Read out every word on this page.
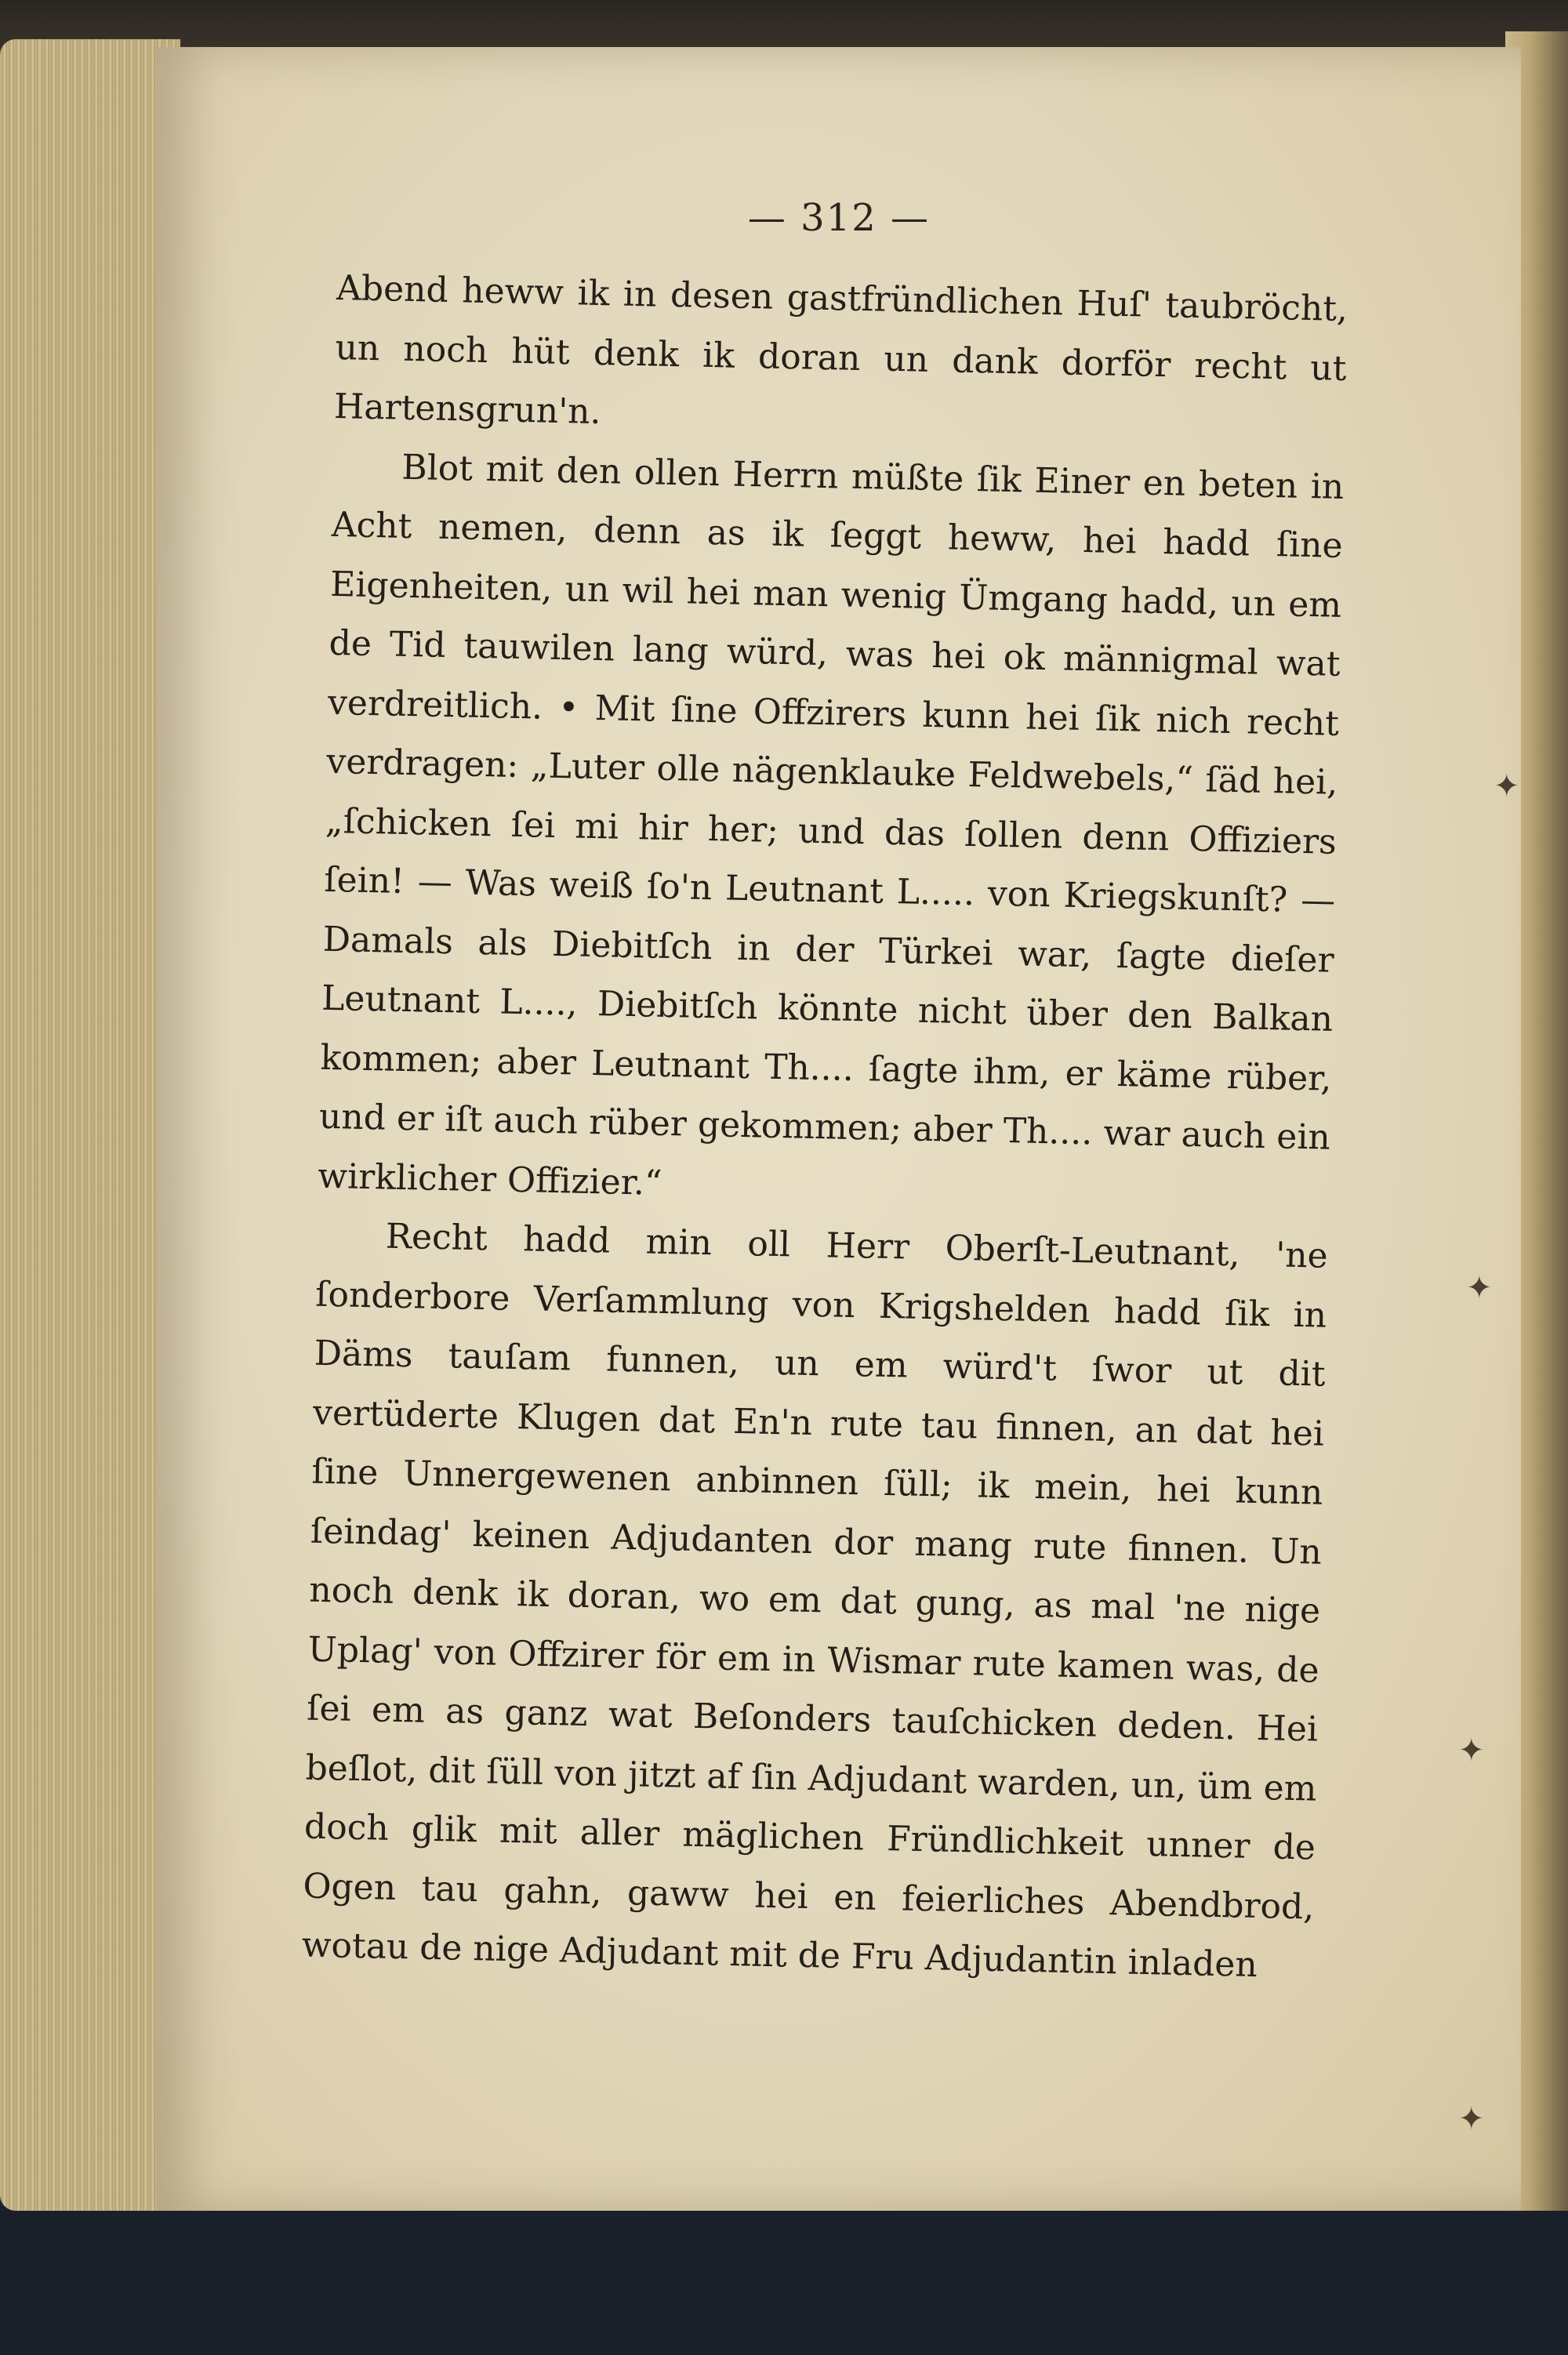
— 312 —

Abend heww ik in desen gastfründlichen Huſ' taubröcht, un noch hüt denk ik doran un dank dorför recht ut Hartensgrun'n.

Blot mit den ollen Herrn müßte ſik Einer en beten in Acht nemen, denn as ik ſeggt heww, hei hadd ſine Eigenheiten, un wil hei man wenig Ümgang hadd, un em de Tid tauwilen lang würd, was hei ok männigmal wat verdreitlich. • Mit ſine Offzirers kunn hei ſik nich recht verdragen: „Luter olle nägenklauke Feldwebels,“ ſäd hei, „ſchicken ſei mi hir her; und das ſollen denn Offiziers ſein! — Was weiß ſo'n Leutnant L..... von Kriegskunſt? — Damals als Diebitſch in der Türkei war, ſagte dieſer Leutnant L...., Diebitſch könnte nicht über den Balkan kommen; aber Leutnant Th.... ſagte ihm, er käme rüber, und er iſt auch rüber gekommen; aber Th.... war auch ein wirklicher Offizier.“

Recht hadd min oll Herr Oberſt-Leutnant, 'ne ſonderbore Verſammlung von Krigshelden hadd ſik in Däms tauſam funnen, un em würd't ſwor ut dit vertüderte Klugen dat En'n rute tau finnen, an dat hei ſine Unnergewenen anbinnen ſüll; ik mein, hei kunn ſeindag' keinen Adjudanten dor mang rute finnen. Un noch denk ik doran, wo em dat gung, as mal 'ne nige Uplag' von Offzirer för em in Wismar rute kamen was, de ſei em as ganz wat Beſonders tauſchicken deden. Hei beſlot, dit ſüll von jitzt af ſin Adjudant warden, un, üm em doch glik mit aller mäglichen Fründlichkeit unner de Ogen tau gahn, gaww hei en feierliches Abendbrod, wotau de nige Adjudant mit de Fru Adjudantin inladen

✦
✦
✦
✦
